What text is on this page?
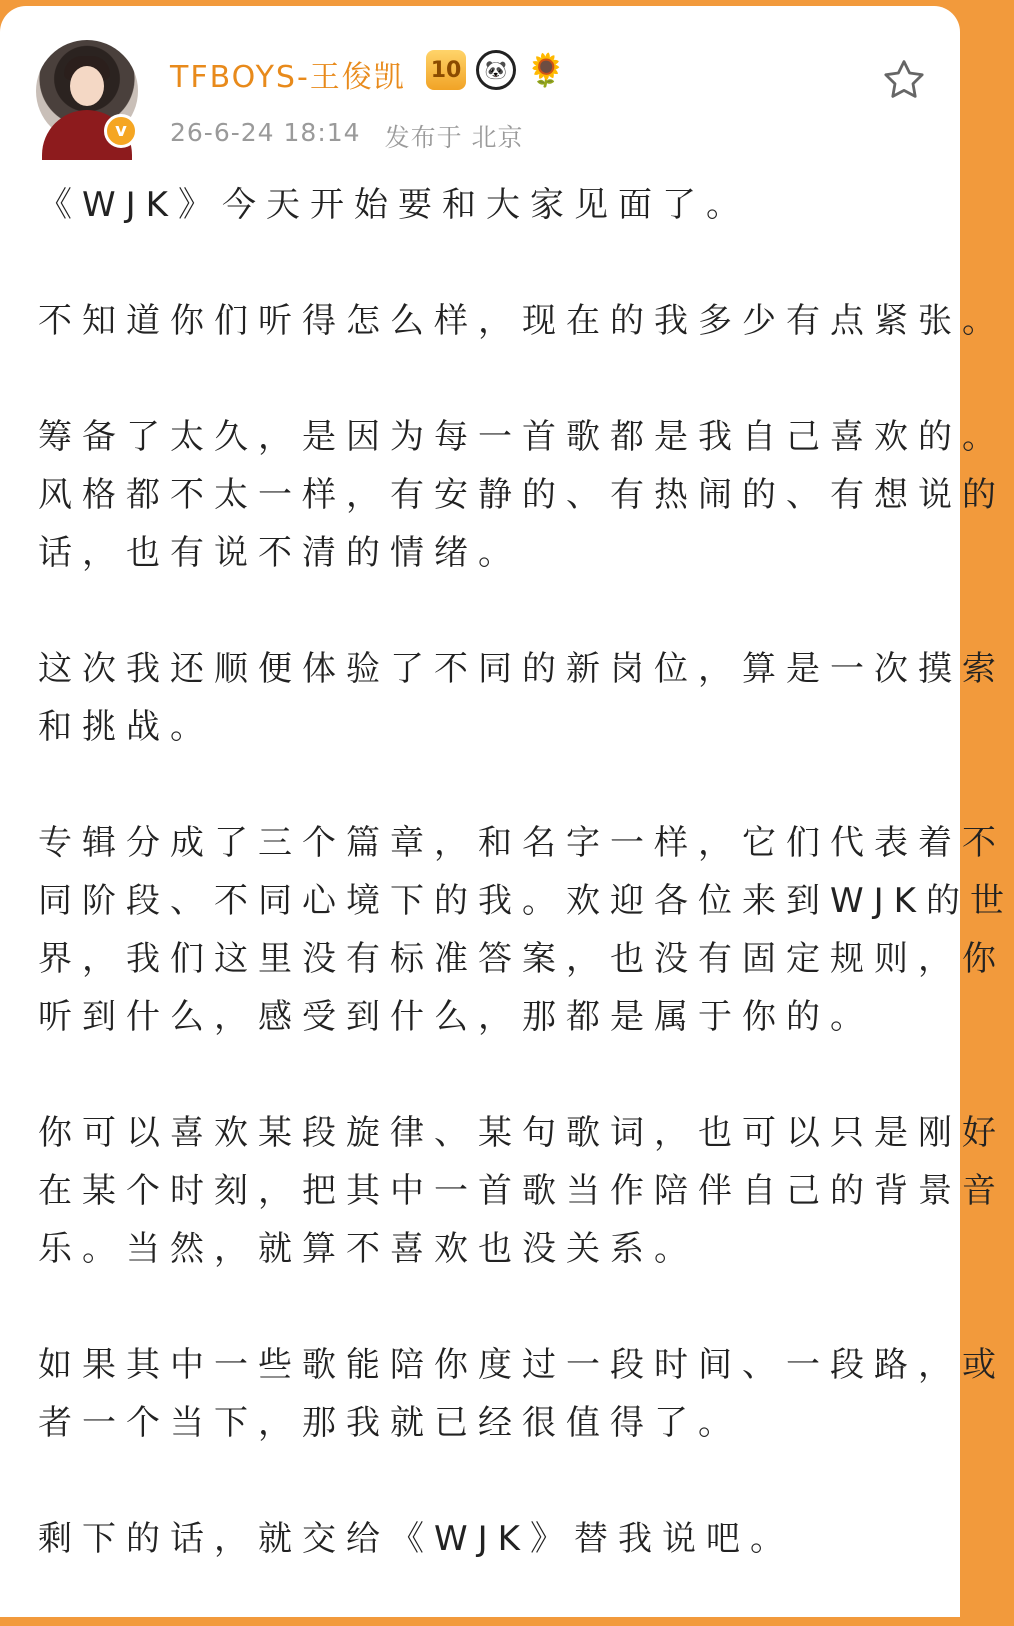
v
TFBOYS-王俊凯 10	🐼 🌻
26-6-24 18:14 发布于 北京
《WJK》今天开始要和大家见面了。
不知道你们听得怎么样，现在的我多少有点紧张。
筹备了太久，是因为每一首歌都是我自己喜欢的。
风格都不太一样，有安静的、有热闹的、有想说的
话，也有说不清的情绪。
这次我还顺便体验了不同的新岗位，算是一次摸索
和挑战。
专辑分成了三个篇章，和名字一样，它们代表着不
同阶段、不同心境下的我。欢迎各位来到WJK的世
界，我们这里没有标准答案，也没有固定规则，你
听到什么，感受到什么，那都是属于你的。
你可以喜欢某段旋律、某句歌词，也可以只是刚好
在某个时刻，把其中一首歌当作陪伴自己的背景音
乐。当然，就算不喜欢也没关系。
如果其中一些歌能陪你度过一段时间、一段路，或
者一个当下，那我就已经很值得了。
剩下的话，就交给《WJK》替我说吧。
